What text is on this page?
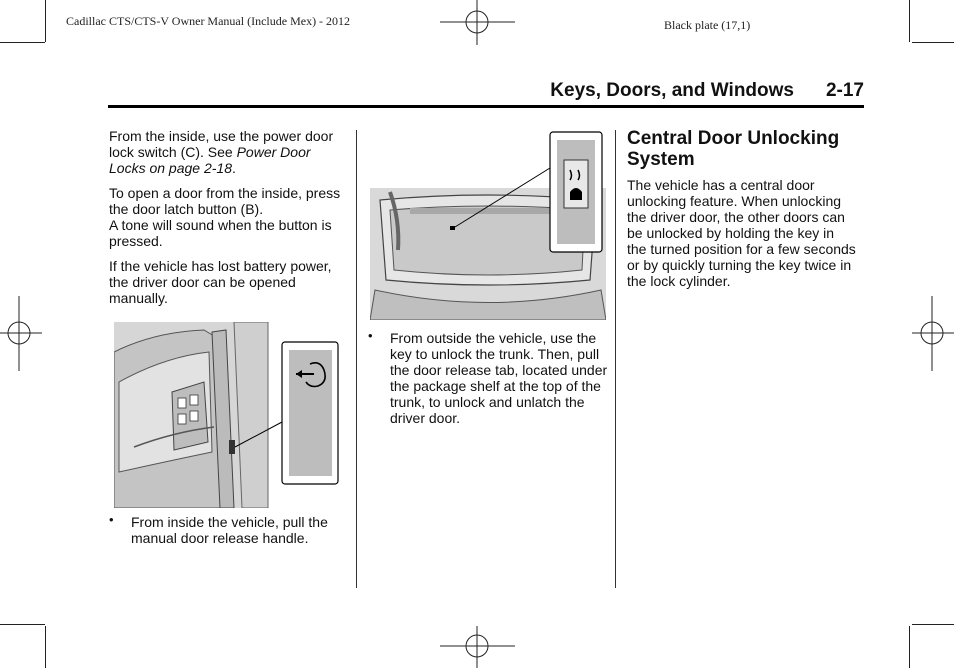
Cadillac CTS/CTS-V Owner Manual (Include Mex) - 2012	Black plate (17,1)
Keys, Doors, and Windows 2-17

From the inside, use the power door lock switch (C). See Power Door Locks on page 2-18.

To open a door from the inside, press the door latch button (B).
A tone will sound when the button is pressed.

If the vehicle has lost battery power, the driver door can be opened manually.

• From inside the vehicle, pull the manual door release handle.
• From outside the vehicle, use the key to unlock the trunk. Then, pull the door release tab, located under the package shelf at the top of the trunk, to unlock and unlatch the driver door.
Central Door Unlocking System
The vehicle has a central door unlocking feature. When unlocking the driver door, the other doors can be unlocked by holding the key in the turned position for a few seconds or by quickly turning the key twice in the lock cylinder.
